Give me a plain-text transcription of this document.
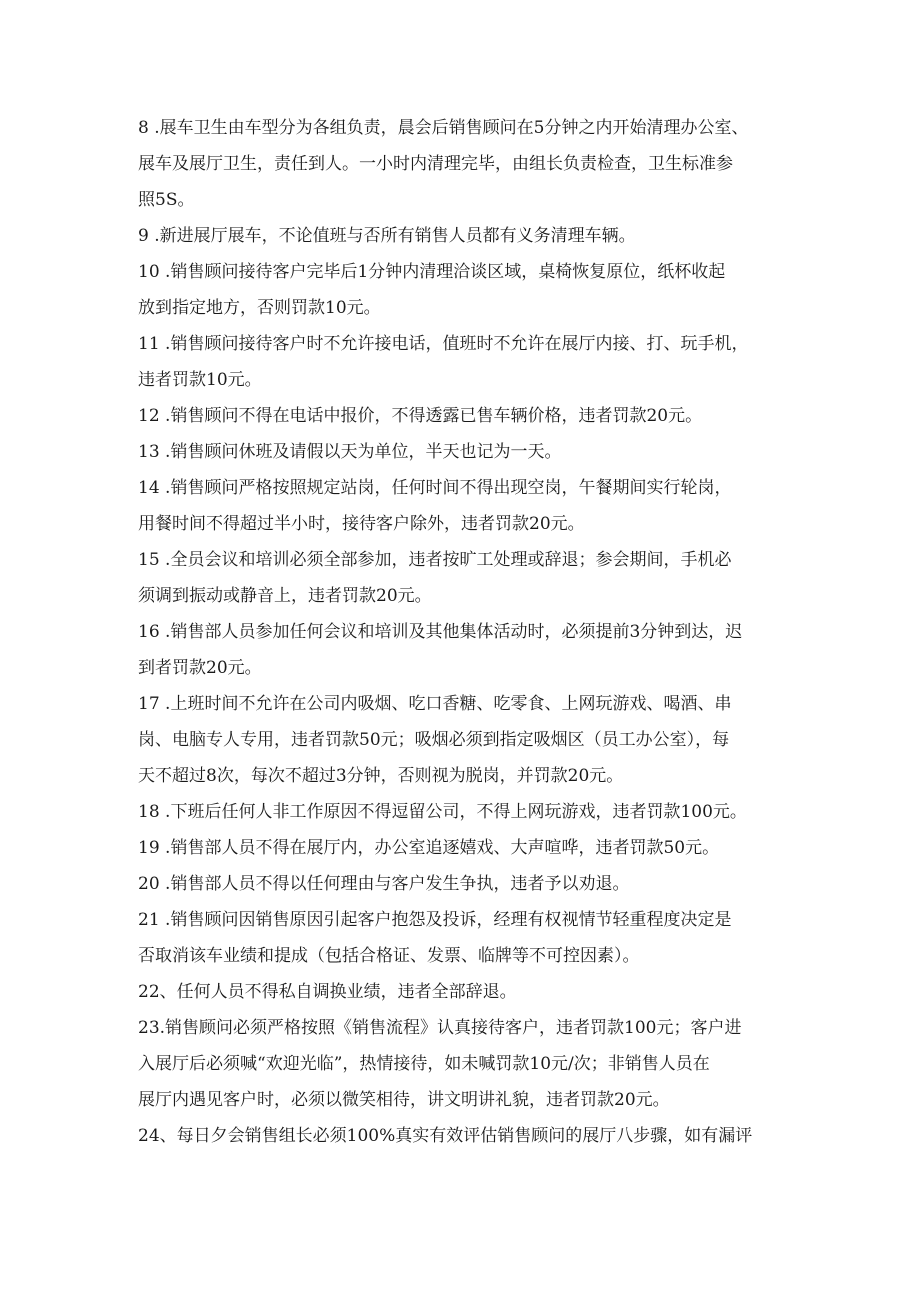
8 .展车卫生由车型分为各组负责，晨会后销售顾问在5分钟之内开始清理办公室、
展车及展厅卫生，责任到人。一小时内清理完毕，由组长负责检查，卫生标准参
照5S。
9 .新进展厅展车，不论值班与否所有销售人员都有义务清理车辆。
10 .销售顾问接待客户完毕后1分钟内清理洽谈区域，桌椅恢复原位，纸杯收起
放到指定地方，否则罚款10元。
11 .销售顾问接待客户时不允许接电话，值班时不允许在展厅内接、打、玩手机，
违者罚款10元。
12 .销售顾问不得在电话中报价，不得透露已售车辆价格，违者罚款20元。
13 .销售顾问休班及请假以天为单位，半天也记为一天。
14 .销售顾问严格按照规定站岗，任何时间不得出现空岗，午餐期间实行轮岗，
用餐时间不得超过半小时，接待客户除外，违者罚款20元。
15 .全员会议和培训必须全部参加，违者按旷工处理或辞退；参会期间，手机必
须调到振动或静音上，违者罚款20元。
16 .销售部人员参加任何会议和培训及其他集体活动时，必须提前3分钟到达，迟
到者罚款20元。
17 .上班时间不允许在公司内吸烟、吃口香糖、吃零食、上网玩游戏、喝酒、串
岗、电脑专人专用，违者罚款50元；吸烟必须到指定吸烟区（员工办公室），每
天不超过8次，每次不超过3分钟，否则视为脱岗，并罚款20元。
18 .下班后任何人非工作原因不得逗留公司，不得上网玩游戏，违者罚款100元。
19 .销售部人员不得在展厅内，办公室追逐嬉戏、大声喧哗，违者罚款50元。
20 .销售部人员不得以任何理由与客户发生争执，违者予以劝退。
21 .销售顾问因销售原因引起客户抱怨及投诉，经理有权视情节轻重程度决定是
否取消该车业绩和提成（包括合格证、发票、临牌等不可控因素）。
22、任何人员不得私自调换业绩，违者全部辞退。
23.销售顾问必须严格按照《销售流程》认真接待客户，违者罚款100元；客户进
入展厅后必须喊“欢迎光临”，热情接待，如未喊罚款10元/次；非销售人员在
展厅内遇见客户时，必须以微笑相待，讲文明讲礼貌，违者罚款20元。
24、每日夕会销售组长必须100%真实有效评估销售顾问的展厅八步骤，如有漏评
